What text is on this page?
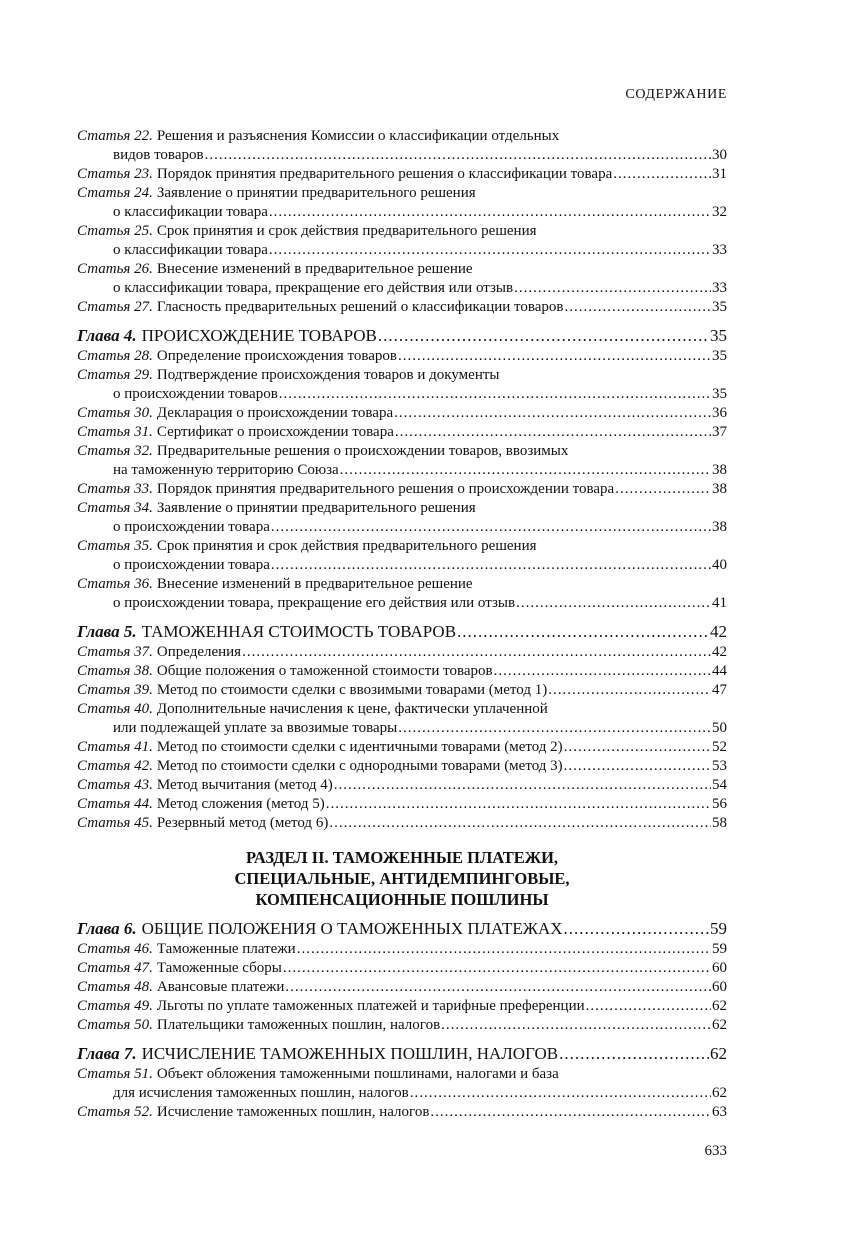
СОДЕРЖАНИЕ
Статья 22. Решения и разъяснения Комиссии о классификации отдельных
видов товаров .....	30
Статья 23. Порядок принятия предварительного решения о классификации товара .....	31
Статья 24. Заявление о принятии предварительного решения
о классификации товара .....	32
Статья 25. Срок принятия и срок действия предварительного решения
о классификации товара .....	33
Статья 26. Внесение изменений в предварительное решение
о классификации товара, прекращение его действия или отзыв .....	33
Статья 27. Гласность предварительных решений о классификации товаров .....	35
Глава 4. ПРОИСХОЖДЕНИЕ ТОВАРОВ .....	35
Статья 28. Определение происхождения товаров .....	35
Статья 29. Подтверждение происхождения товаров и документы
о происхождении товаров .....	35
Статья 30. Декларация о происхождении товара .....	36
Статья 31. Сертификат о происхождении товара .....	37
Статья 32. Предварительные решения о происхождении товаров, ввозимых
на таможенную территорию Союза .....	38
Статья 33. Порядок принятия предварительного решения о происхождении товара .....	38
Статья 34. Заявление о принятии предварительного решения
о происхождении товара .....	38
Статья 35. Срок принятия и срок действия предварительного решения
о происхождении товара .....	40
Статья 36. Внесение изменений в предварительное решение
о происхождении товара, прекращение его действия или отзыв .....	41
Глава 5. ТАМОЖЕННАЯ СТОИМОСТЬ ТОВАРОВ .....	42
Статья 37. Определения .....	42
Статья 38. Общие положения о таможенной стоимости товаров .....	44
Статья 39. Метод по стоимости сделки с ввозимыми товарами (метод 1) .....	47
Статья 40. Дополнительные начисления к цене, фактически уплаченной
или подлежащей уплате за ввозимые товары .....	50
Статья 41. Метод по стоимости сделки с идентичными товарами (метод 2) .....	52
Статья 42. Метод по стоимости сделки с однородными товарами (метод 3) .....	53
Статья 43. Метод вычитания (метод 4) .....	54
Статья 44. Метод сложения (метод 5) .....	56
Статья 45. Резервный метод (метод 6) .....	58
РАЗДЕЛ II. ТАМОЖЕННЫЕ ПЛАТЕЖИ,
СПЕЦИАЛЬНЫЕ, АНТИДЕМПИНГОВЫЕ,
КОМПЕНСАЦИОННЫЕ ПОШЛИНЫ
Глава 6. ОБЩИЕ ПОЛОЖЕНИЯ О ТАМОЖЕННЫХ ПЛАТЕЖАХ .....	59
Статья 46. Таможенные платежи .....	59
Статья 47. Таможенные сборы .....	60
Статья 48. Авансовые платежи .....	60
Статья 49. Льготы по уплате таможенных платежей и тарифные преференции .....	62
Статья 50. Плательщики таможенных пошлин, налогов .....	62
Глава 7. ИСЧИСЛЕНИЕ ТАМОЖЕННЫХ ПОШЛИН, НАЛОГОВ .....	62
Статья 51. Объект обложения таможенными пошлинами, налогами и база
для исчисления таможенных пошлин, налогов .....	62
Статья 52. Исчисление таможенных пошлин, налогов .....	63
633
